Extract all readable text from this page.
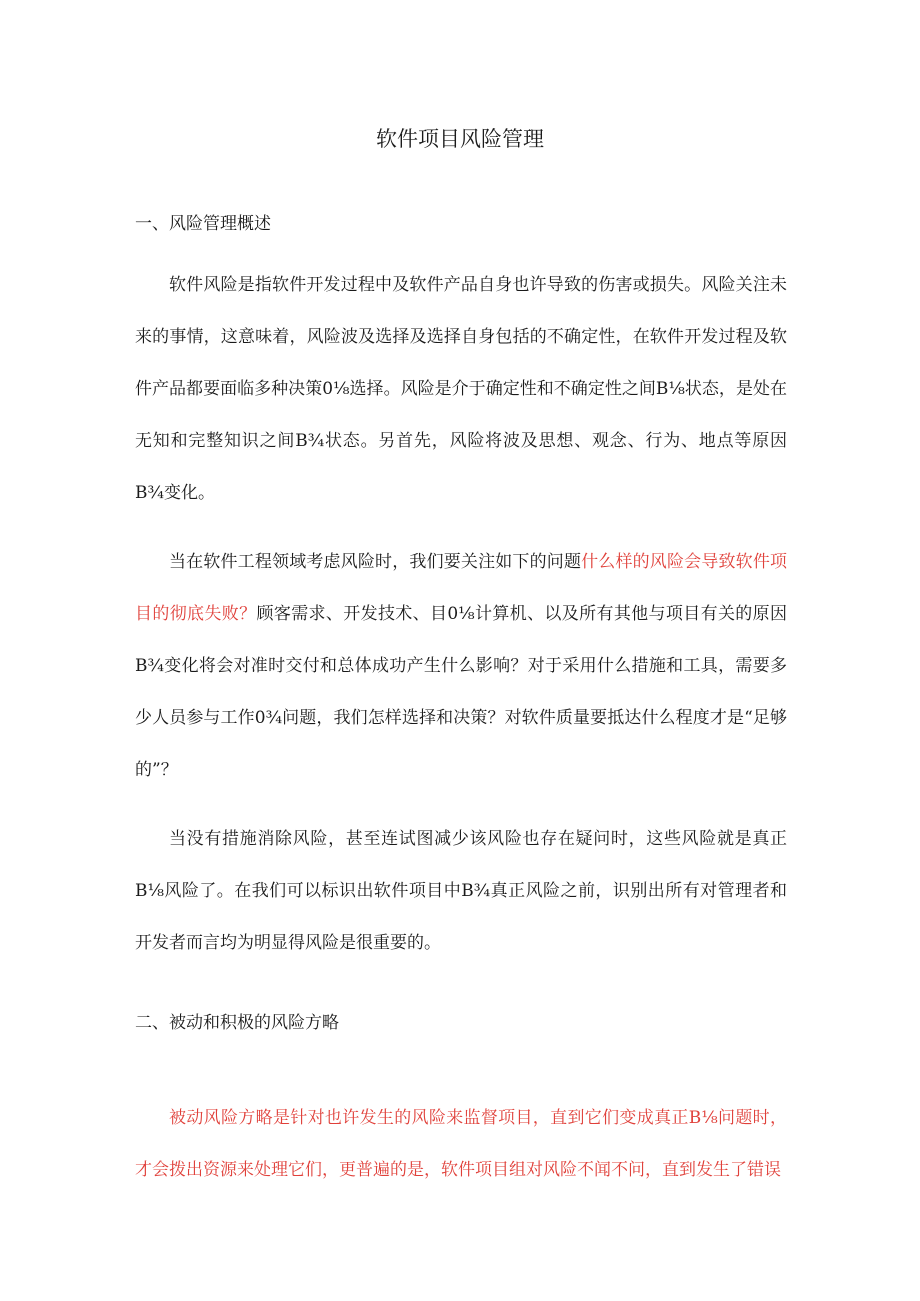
软件项目风险管理
一、风险管理概述

软件风险是指软件开发过程中及软件产品自身也许导致的伤害或损失。风险关注未来的事情，这意味着，风险波及选择及选择自身包括的不确定性，在软件开发过程及软件产品都要面临多种决策0⅛选择。风险是介于确定性和不确定性之间B⅛状态，是处在无知和完整知识之间B¾状态。另首先，风险将波及思想、观念、行为、地点等原因B¾变化。

当在软件工程领域考虑风险时，我们要关注如下的问题什么样的风险会导致软件项目的彻底失败？顾客需求、开发技术、目0⅛计算机、以及所有其他与项目有关的原因B¾变化将会对准时交付和总体成功产生什么影响？对于采用什么措施和工具，需要多少人员参与工作0¾问题，我们怎样选择和决策？对软件质量要抵达什么程度才是“足够的”？

当没有措施消除风险，甚至连试图减少该风险也存在疑问时，这些风险就是真正B⅛风险了。在我们可以标识出软件项目中B¾真正风险之前，识别出所有对管理者和开发者而言均为明显得风险是很重要的。

二、被动和积极的风险方略

被动风险方略是针对也许发生的风险来监督项目，直到它们变成真正B⅛问题时，才会拨出资源来处理它们，更普遍的是，软件项目组对风险不闻不问，直到发生了错误
